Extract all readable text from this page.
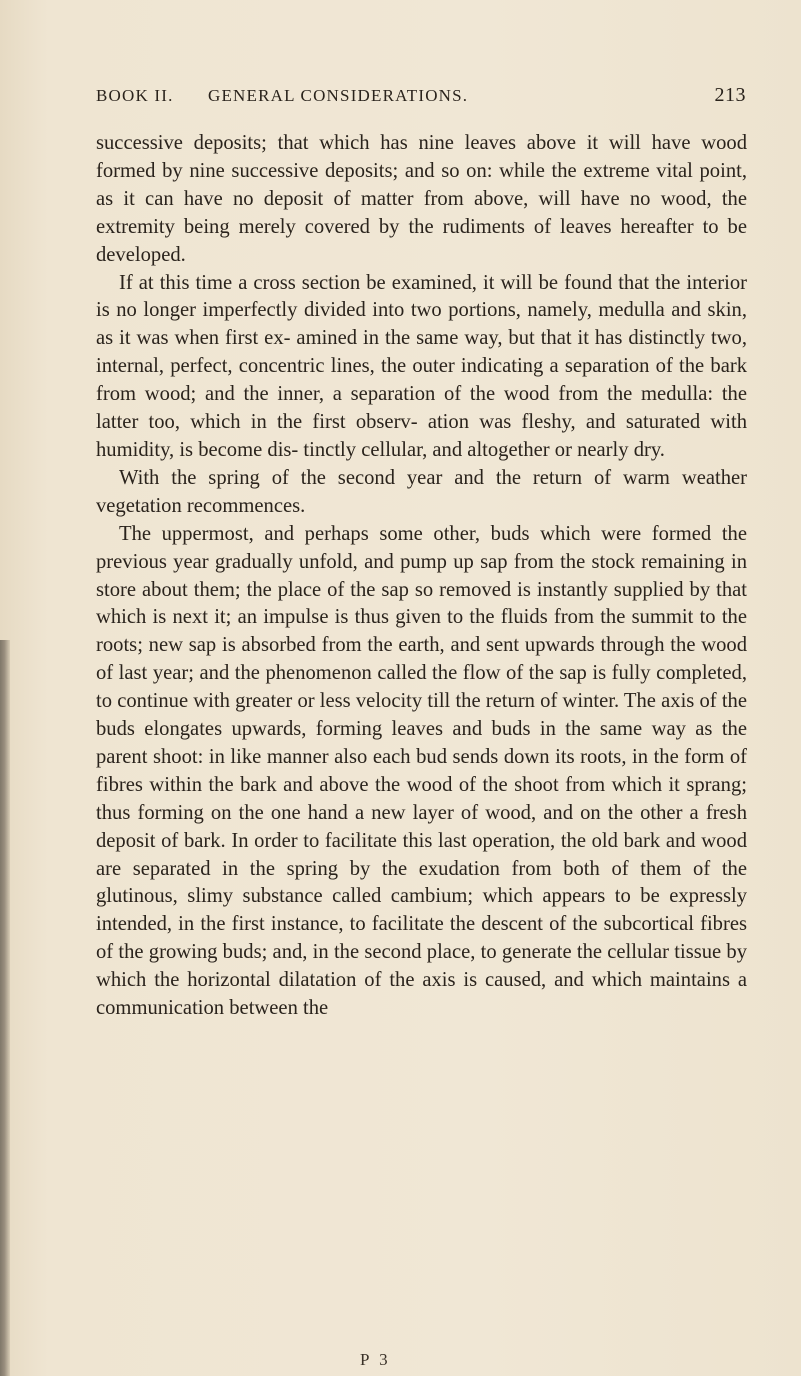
BOOK II. GENERAL CONSIDERATIONS.	213

successive deposits; that which has nine leaves above it will have wood formed by nine successive deposits; and so on: while the extreme vital point, as it can have no deposit of matter from above, will have no wood, the extremity being merely covered by the rudiments of leaves hereafter to be developed.

If at this time a cross section be examined, it will be found that the interior is no longer imperfectly divided into two portions, namely, medulla and skin, as it was when first ex- amined in the same way, but that it has distinctly two, internal, perfect, concentric lines, the outer indicating a separation of the bark from wood; and the inner, a separation of the wood from the medulla: the latter too, which in the first observ- ation was fleshy, and saturated with humidity, is become dis- tinctly cellular, and altogether or nearly dry.

With the spring of the second year and the return of warm weather vegetation recommences.

The uppermost, and perhaps some other, buds which were formed the previous year gradually unfold, and pump up sap from the stock remaining in store about them; the place of the sap so removed is instantly supplied by that which is next it; an impulse is thus given to the fluids from the summit to the roots; new sap is absorbed from the earth, and sent upwards through the wood of last year; and the phenomenon called the flow of the sap is fully completed, to continue with greater or less velocity till the return of winter. The axis of the buds elongates upwards, forming leaves and buds in the same way as the parent shoot: in like manner also each bud sends down its roots, in the form of fibres within the bark and above the wood of the shoot from which it sprang; thus forming on the one hand a new layer of wood, and on the other a fresh deposit of bark. In order to facilitate this last operation, the old bark and wood are separated in the spring by the exudation from both of them of the glutinous, slimy substance called cambium; which appears to be expressly intended, in the first instance, to facilitate the descent of the subcortical fibres of the growing buds; and, in the second place, to generate the cellular tissue by which the horizontal dilatation of the axis is caused, and which maintains a communication between the

P 3
